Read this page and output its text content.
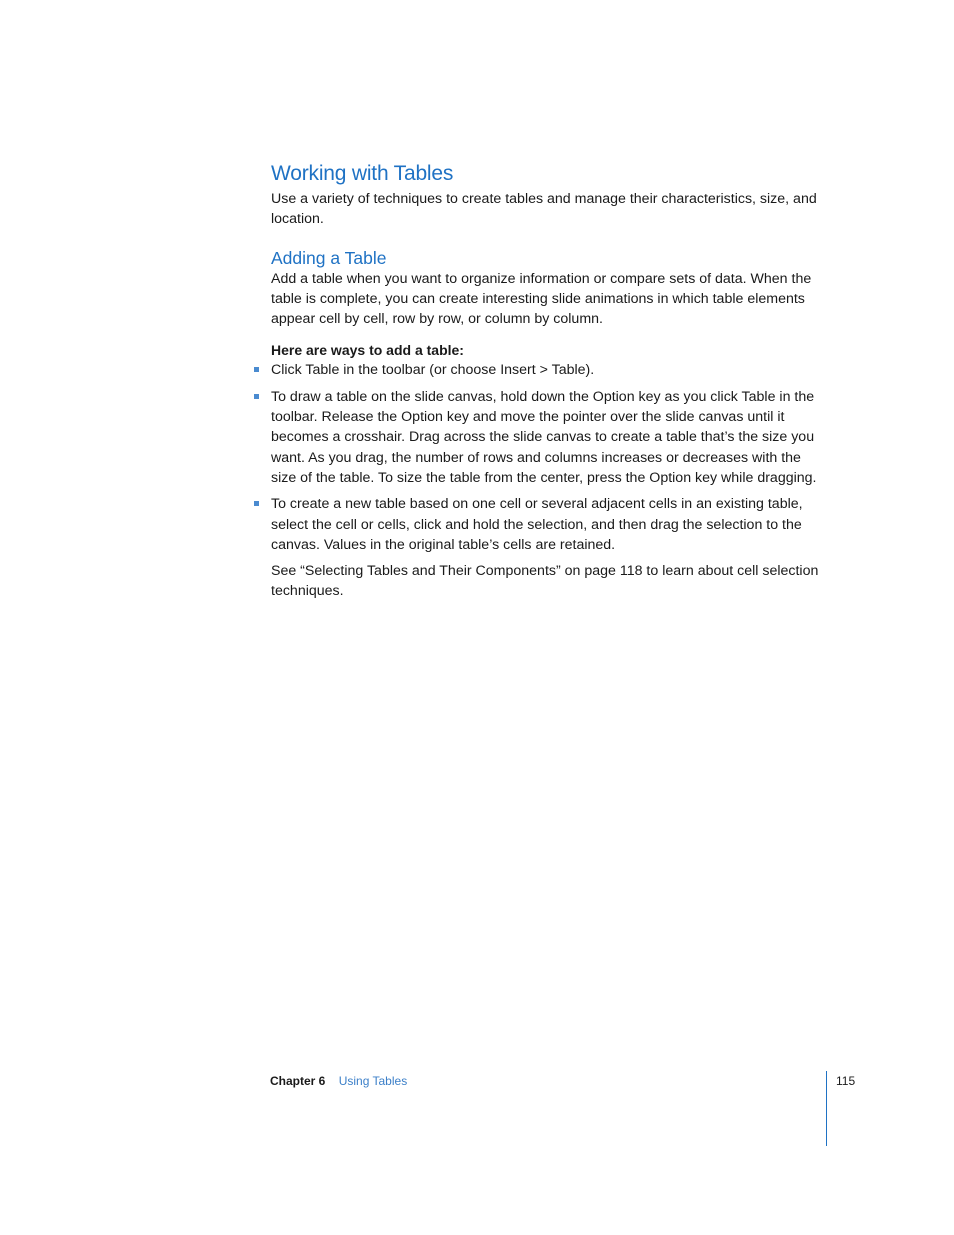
Working with Tables

Use a variety of techniques to create tables and manage their characteristics, size, and location.

Adding a Table

Add a table when you want to organize information or compare sets of data. When the table is complete, you can create interesting slide animations in which table elements appear cell by cell, row by row, or column by column.

Here are ways to add a table:

Click Table in the toolbar (or choose Insert > Table).
To draw a table on the slide canvas, hold down the Option key as you click Table in the toolbar. Release the Option key and move the pointer over the slide canvas until it becomes a crosshair. Drag across the slide canvas to create a table that’s the size you want. As you drag, the number of rows and columns increases or decreases with the size of the table. To size the table from the center, press the Option key while dragging.
To create a new table based on one cell or several adjacent cells in an existing table, select the cell or cells, click and hold the selection, and then drag the selection to the canvas. Values in the original table’s cells are retained.

See “Selecting Tables and Their Components” on page 118 to learn about cell selection techniques.

Chapter 6 Using Tables	115
